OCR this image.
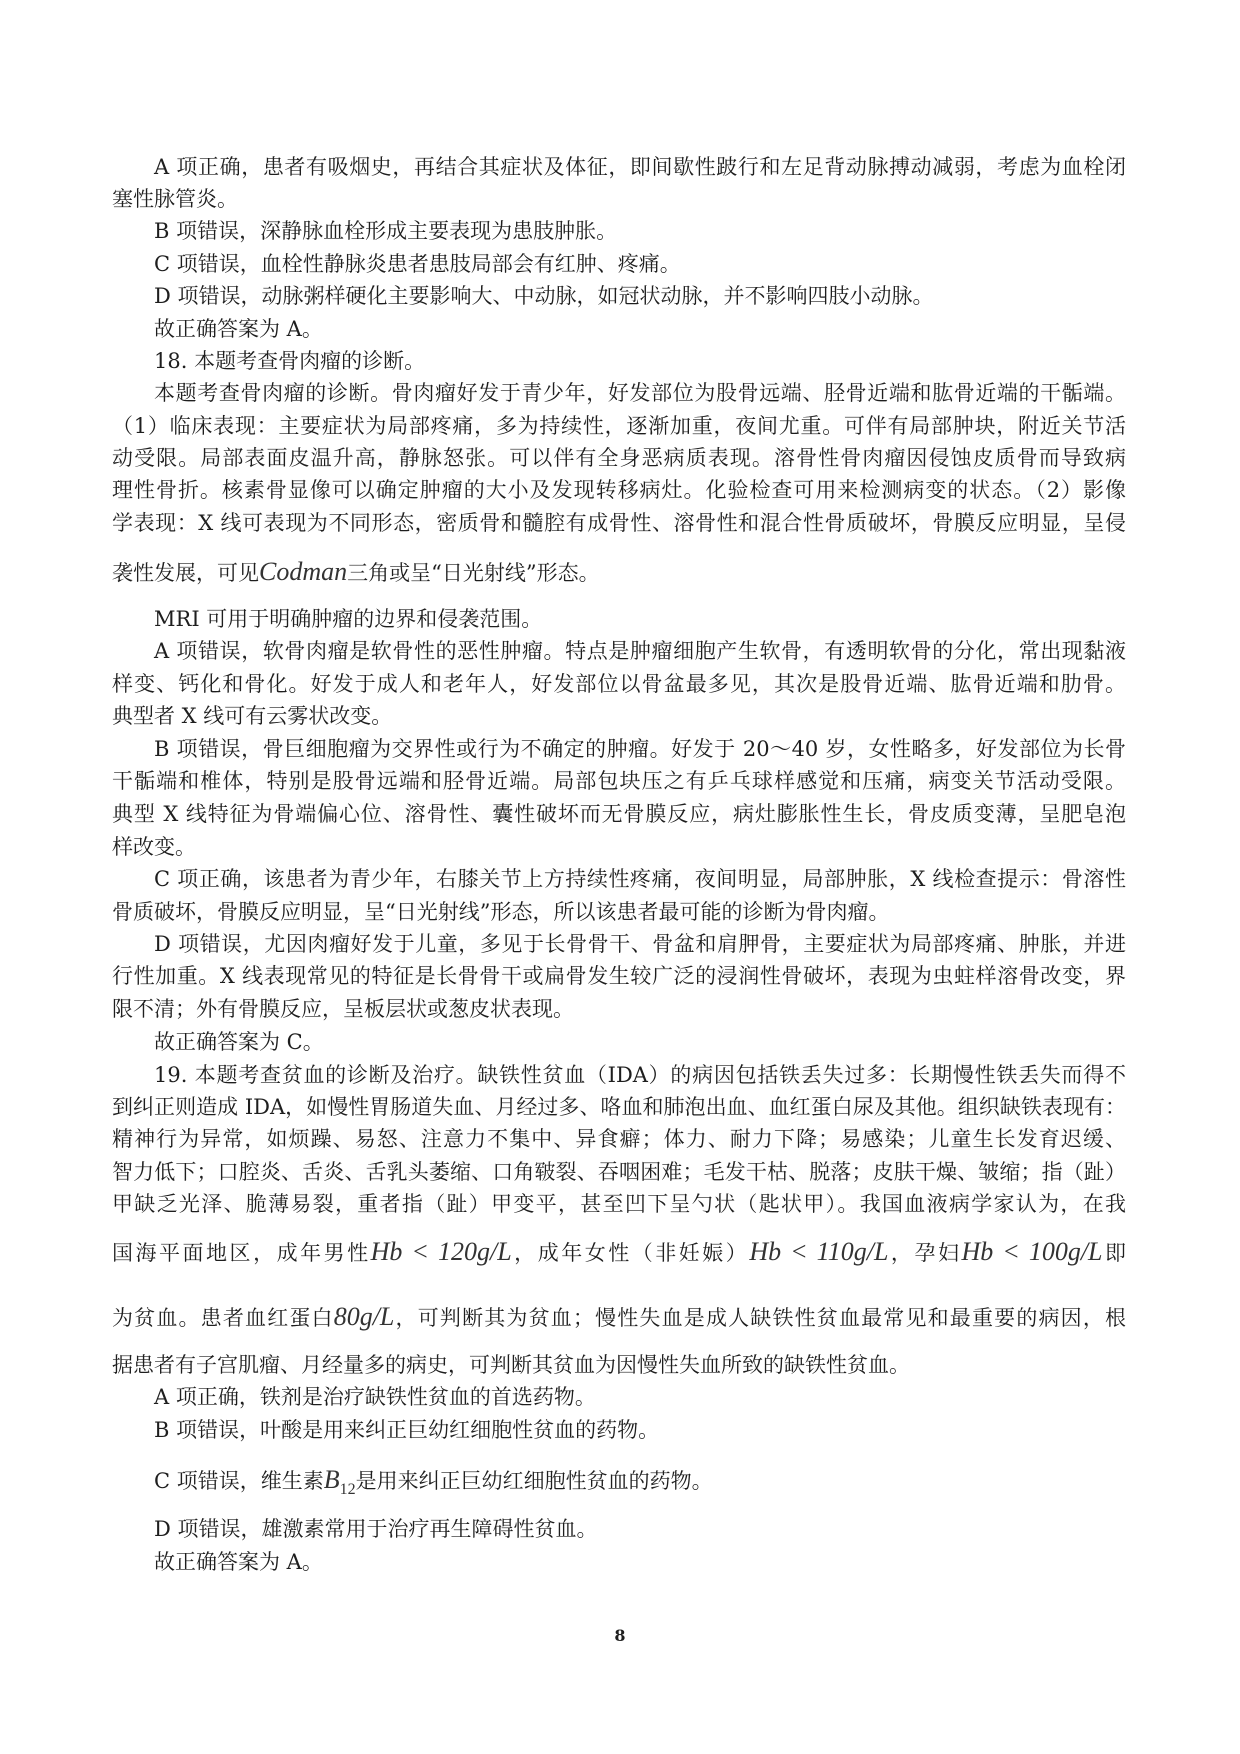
A 项正确，患者有吸烟史，再结合其症状及体征，即间歇性跛行和左足背动脉搏动减弱，考虑为血栓闭
塞性脉管炎。
B 项错误，深静脉血栓形成主要表现为患肢肿胀。
C 项错误，血栓性静脉炎患者患肢局部会有红肿、疼痛。
D 项错误，动脉粥样硬化主要影响大、中动脉，如冠状动脉，并不影响四肢小动脉。
故正确答案为 A。
18. 本题考查骨肉瘤的诊断。
本题考查骨肉瘤的诊断。骨肉瘤好发于青少年，好发部位为股骨远端、胫骨近端和肱骨近端的干骺端。
（1）临床表现：主要症状为局部疼痛，多为持续性，逐渐加重，夜间尤重。可伴有局部肿块，附近关节活
动受限。局部表面皮温升高，静脉怒张。可以伴有全身恶病质表现。溶骨性骨肉瘤因侵蚀皮质骨而导致病
理性骨折。核素骨显像可以确定肿瘤的大小及发现转移病灶。化验检查可用来检测病变的状态。（2）影像
学表现：X 线可表现为不同形态，密质骨和髓腔有成骨性、溶骨性和混合性骨质破坏，骨膜反应明显，呈侵
袭性发展，可见Codman三角或呈“日光射线”形态。
MRI 可用于明确肿瘤的边界和侵袭范围。
A 项错误，软骨肉瘤是软骨性的恶性肿瘤。特点是肿瘤细胞产生软骨，有透明软骨的分化，常出现黏液
样变、钙化和骨化。好发于成人和老年人，好发部位以骨盆最多见，其次是股骨近端、肱骨近端和肋骨。
典型者 X 线可有云雾状改变。
B 项错误，骨巨细胞瘤为交界性或行为不确定的肿瘤。好发于 20～40 岁，女性略多，好发部位为长骨
干骺端和椎体，特别是股骨远端和胫骨近端。局部包块压之有乒乓球样感觉和压痛，病变关节活动受限。
典型 X 线特征为骨端偏心位、溶骨性、囊性破坏而无骨膜反应，病灶膨胀性生长，骨皮质变薄，呈肥皂泡
样改变。
C 项正确，该患者为青少年，右膝关节上方持续性疼痛，夜间明显，局部肿胀，X 线检查提示：骨溶性
骨质破坏，骨膜反应明显，呈“日光射线”形态，所以该患者最可能的诊断为骨肉瘤。
D 项错误，尤因肉瘤好发于儿童，多见于长骨骨干、骨盆和肩胛骨，主要症状为局部疼痛、肿胀，并进
行性加重。X 线表现常见的特征是长骨骨干或扁骨发生较广泛的浸润性骨破坏，表现为虫蛀样溶骨改变，界
限不清；外有骨膜反应，呈板层状或葱皮状表现。
故正确答案为 C。
19. 本题考查贫血的诊断及治疗。缺铁性贫血（IDA）的病因包括铁丢失过多：长期慢性铁丢失而得不
到纠正则造成 IDA，如慢性胃肠道失血、月经过多、咯血和肺泡出血、血红蛋白尿及其他。组织缺铁表现有：
精神行为异常，如烦躁、易怒、注意力不集中、异食癖；体力、耐力下降；易感染；儿童生长发育迟缓、
智力低下；口腔炎、舌炎、舌乳头萎缩、口角皲裂、吞咽困难；毛发干枯、脱落；皮肤干燥、皱缩；指（趾）
甲缺乏光泽、脆薄易裂，重者指（趾）甲变平，甚至凹下呈勺状（匙状甲）。我国血液病学家认为，在我
国海平面地区，成年男性Hb < 120g/L，成年女性（非妊娠）Hb < 110g/L，孕妇Hb < 100g/L即
为贫血。患者血红蛋白80g/L，可判断其为贫血；慢性失血是成人缺铁性贫血最常见和最重要的病因，根
据患者有子宫肌瘤、月经量多的病史，可判断其贫血为因慢性失血所致的缺铁性贫血。
A 项正确，铁剂是治疗缺铁性贫血的首选药物。
B 项错误，叶酸是用来纠正巨幼红细胞性贫血的药物。
C 项错误，维生素$B_{12}$是用来纠正巨幼红细胞性贫血的药物。
D 项错误，雄激素常用于治疗再生障碍性贫血。
故正确答案为 A。
8
